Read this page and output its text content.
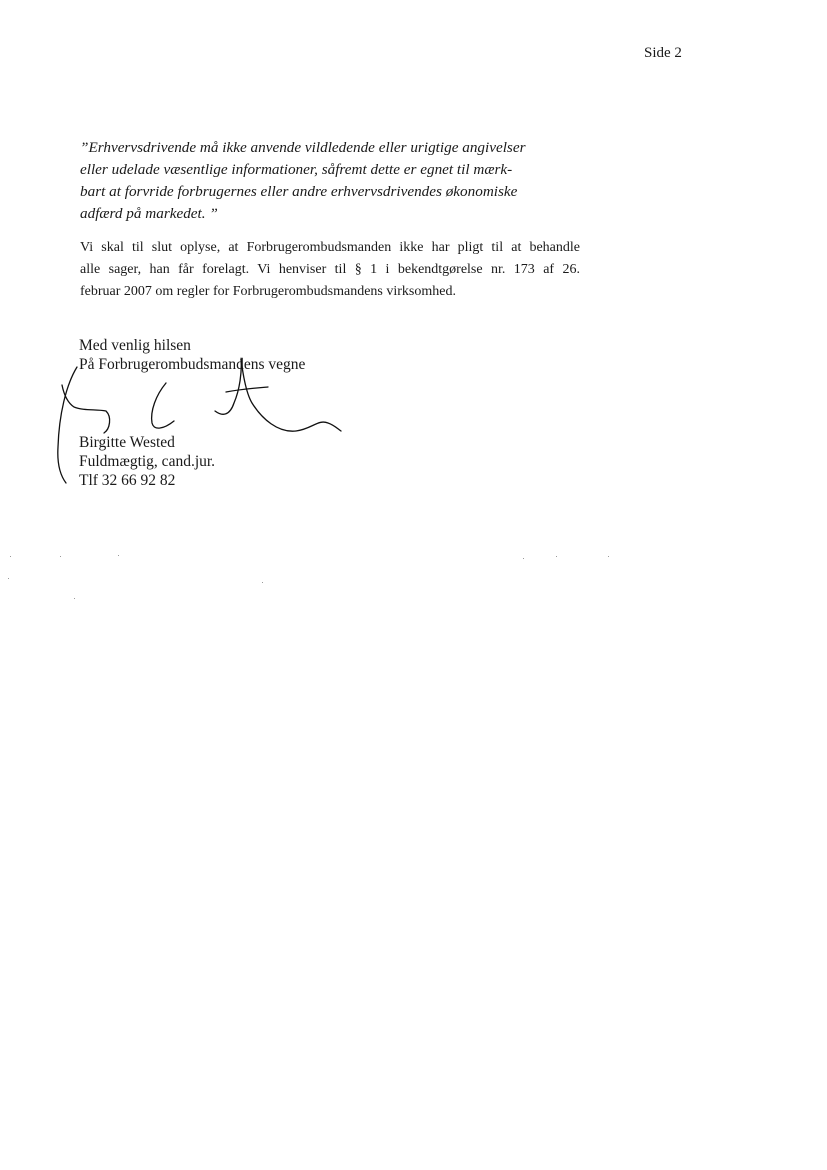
Side 2

”Erhvervsdrivende må ikke anvende vildledende eller urigtige angivelser
eller udelade væsentlige informationer, såfremt dette er egnet til mærk-
bart at forvride forbrugernes eller andre erhvervsdrivendes økonomiske
adfærd på markedet. ”

Vi skal til slut oplyse, at Forbrugerombudsmanden ikke har pligt til at behandle
alle sager, han får forelagt. Vi henviser til § 1 i bekendtgørelse nr. 173 af 26.
februar 2007 om regler for Forbrugerombudsmandens virksomhed.

Med venlig hilsen
På Forbrugerombudsmandens vegne
Birgitte Wested
Fuldmægtig, cand.jur.
Tlf 32 66 92 82
